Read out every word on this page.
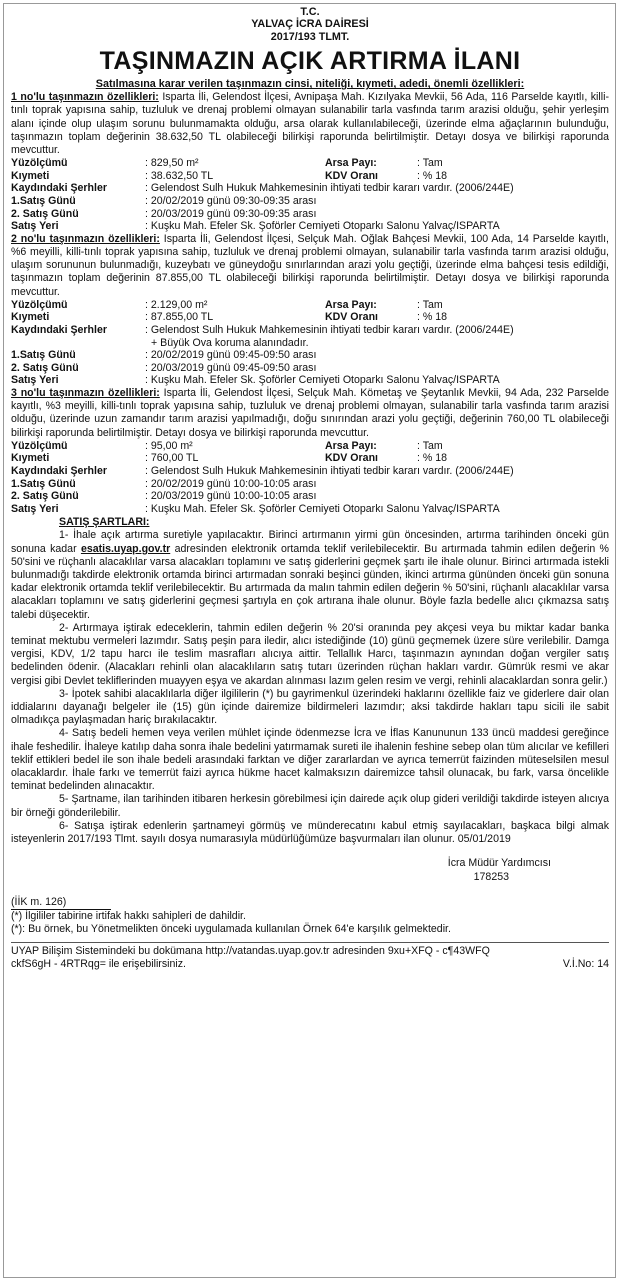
T.C.
YALVAÇ İCRA DAİRESİ
2017/193 TLMT.
TAŞINMAZIN AÇIK ARTIRMA İLANI
Satılmasına karar verilen taşınmazın cinsi, niteliği, kıymeti, adedi, önemli özellikleri:
1 no'lu taşınmazın özellikleri: Isparta İli, Gelendost İlçesi, Avnipaşa Mah. Kızılyaka Mevkii, 56 Ada, 116 Parselde kayıtlı, killi-tınlı toprak yapısına sahip, tuzluluk ve drenaj problemi olmayan sulanabilir tarla vasfında tarım arazisi olduğu, şehir yerleşim alanı içinde olup ulaşım sorunu bulunmamakta olduğu, arsa olarak kullanılabileceği, üzerinde elma ağaçlarının bulunduğu, taşınmazın toplam değerinin 38.632,50 TL olabileceği bilirkişi raporunda belirtilmiştir. Detayı dosya ve bilirkişi raporunda mevcuttur.
Yüzölçümü	: 829,50 m²	Arsa Payı:	: Tam
Kıymeti	: 38.632,50 TL	KDV Oranı	: % 18
Kaydındaki Şerhler	: Gelendost Sulh Hukuk Mahkemesinin ihtiyati tedbir kararı vardır. (2006/244E)		
1.Satış Günü	: 20/02/2019 günü 09:30-09:35 arası		
2. Satış Günü	: 20/03/2019 günü 09:30-09:35 arası		
Satış Yeri	: Kuşku Mah. Efeler Sk. Şoförler Cemiyeti Otoparkı Salonu Yalvaç/ISPARTA		
2 no'lu taşınmazın özellikleri: Isparta İli, Gelendost İlçesi, Selçuk Mah. Oğlak Bahçesi Mevkii, 100 Ada, 14 Parselde kayıtlı, %6 meyilli, killi-tınlı toprak yapısına sahip, tuzluluk ve drenaj problemi olmayan, sulanabilir tarla vasfında tarım arazisi olduğu, ulaşım sorununun bulunmadığı, kuzeybatı ve güneydoğu sınırlarından arazi yolu geçtiği, üzerinde elma bahçesi tesis edildiği, taşınmazın toplam değerinin 87.855,00 TL olabileceği bilirkişi raporunda belirtilmiştir. Detayı dosya ve bilirkişi raporunda mevcuttur.
Yüzölçümü	: 2.129,00 m²	Arsa Payı:	: Tam
Kıymeti	: 87.855,00 TL	KDV Oranı	: % 18
Kaydındaki Şerhler	: Gelendost Sulh Hukuk Mahkemesinin ihtiyati tedbir kararı vardır. (2006/244E)
+ Büyük Ova koruma alanındadır.		

1.Satış Günü	: 20/02/2019 günü 09:45-09:50 arası		
2. Satış Günü	: 20/03/2019 günü 09:45-09:50 arası		
Satış Yeri	: Kuşku Mah. Efeler Sk. Şoförler Cemiyeti Otoparkı Salonu Yalvaç/ISPARTA		
3 no'lu taşınmazın özellikleri: Isparta İli, Gelendost İlçesi, Selçuk Mah. Kömetaş ve Şeytanlık Mevkii, 94 Ada, 232 Parselde kayıtlı, %3 meyilli, killi-tınlı toprak yapısına sahip, tuzluluk ve drenaj problemi olmayan, sulanabilir tarla vasfında tarım arazisi olduğu, üzerinde uzun zamandır tarım arazisi yapılmadığı, doğu sınırından arazi yolu geçtiği, değerinin 760,00 TL olabileceği bilirkişi raporunda belirtilmiştir. Detayı dosya ve bilirkişi raporunda mevcuttur.
Yüzölçümü	: 95,00 m²	Arsa Payı:	: Tam
Kıymeti	: 760,00 TL	KDV Oranı	: % 18
Kaydındaki Şerhler	: Gelendost Sulh Hukuk Mahkemesinin ihtiyati tedbir kararı vardır. (2006/244E)		
1.Satış Günü	: 20/02/2019 günü 10:00-10:05 arası		
2. Satış Günü	: 20/03/2019 günü 10:00-10:05 arası		
Satış Yeri	: Kuşku Mah. Efeler Sk. Şoförler Cemiyeti Otoparkı Salonu Yalvaç/ISPARTA		
SATIŞ ŞARTLARI:
1- İhale açık artırma suretiyle yapılacaktır. Birinci artırmanın yirmi gün öncesinden, artırma tarihinden önceki gün sonuna kadar esatis.uyap.gov.tr adresinden elektronik ortamda teklif verilebilecektir. Bu artırmada tahmin edilen değerin % 50'sini ve rüçhanlı alacaklılar varsa alacakları toplamını ve satış giderlerini geçmek şartı ile ihale olunur. Birinci artırmada istekli bulunmadığı takdirde elektronik ortamda birinci artırmadan sonraki beşinci günden, ikinci artırma gününden önceki gün sonuna kadar elektronik ortamda teklif verilebilecektir. Bu artırmada da malın tahmin edilen değerin % 50'sini, rüçhanlı alacaklılar varsa alacakları toplamını ve satış giderlerini geçmesi şartıyla en çok artırana ihale olunur. Böyle fazla bedelle alıcı çıkmazsa satış talebi düşecektir.
2- Artırmaya iştirak edeceklerin, tahmin edilen değerin % 20'si oranında pey akçesi veya bu miktar kadar banka teminat mektubu vermeleri lazımdır. Satış peşin para iledir, alıcı istediğinde (10) günü geçmemek üzere süre verilebilir. Damga vergisi, KDV, 1/2 tapu harcı ile teslim masrafları alıcıya aittir. Tellallık Harcı, taşınmazın aynından doğan vergiler satış bedelinden ödenir. (Alacakları rehinli olan alacaklıların satış tutarı üzerinden rüçhan hakları vardır. Gümrük resmi ve akar vergisi gibi Devlet tekliflerinden muayyen eşya ve akardan alınması lazım gelen resim ve vergi, rehinli alacaklardan sonra gelir.)
3- İpotek sahibi alacaklılarla diğer ilgililerin (*) bu gayrimenkul üzerindeki haklarını özellikle faiz ve giderlere dair olan iddialarını dayanağı belgeler ile (15) gün içinde dairemize bildirmeleri lazımdır; aksi takdirde hakları tapu sicili ile sabit olmadıkça paylaşmadan hariç bırakılacaktır.
4- Satış bedeli hemen veya verilen mühlet içinde ödenmezse İcra ve İflas Kanununun 133 üncü maddesi gereğince ihale feshedilir. İhaleye katılıp daha sonra ihale bedelini yatırmamak sureti ile ihalenin feshine sebep olan tüm alıcılar ve kefilleri teklif ettikleri bedel ile son ihale bedeli arasındaki farktan ve diğer zararlardan ve ayrıca temerrüt faizinden müteselsilen mesul olacaklardır. İhale farkı ve temerrüt faizi ayrıca hükme hacet kalmaksızın dairemizce tahsil olunacak, bu fark, varsa öncelikle teminat bedelinden alınacaktır.
5- Şartname, ilan tarihinden itibaren herkesin görebilmesi için dairede açık olup gideri verildiği takdirde isteyen alıcıya bir örneği gönderilebilir.
6- Satışa iştirak edenlerin şartnameyi görmüş ve münderecatını kabul etmiş sayılacakları, başkaca bilgi almak isteyenlerin 2017/193 Tlmt. sayılı dosya numarasıyla müdürlüğümüze başvurmaları ilan olunur. 05/01/2019
İcra Müdür Yardımcısı
178253
(İİK m. 126)
(*) İlgililer tabirine irtifak hakkı sahipleri de dahildir.
(*): Bu örnek, bu Yönetmelikten önceki uygulamada kullanılan Örnek 64'e karşılık gelmektedir.
UYAP Bilişim Sistemindeki bu dokümana http://vatandas.uyap.gov.tr adresinden 9xu+XFQ - c¶43WFQ
ckfS6gH - 4RTRqg= ile erişebilirsiniz.	V.İ.No: 14
